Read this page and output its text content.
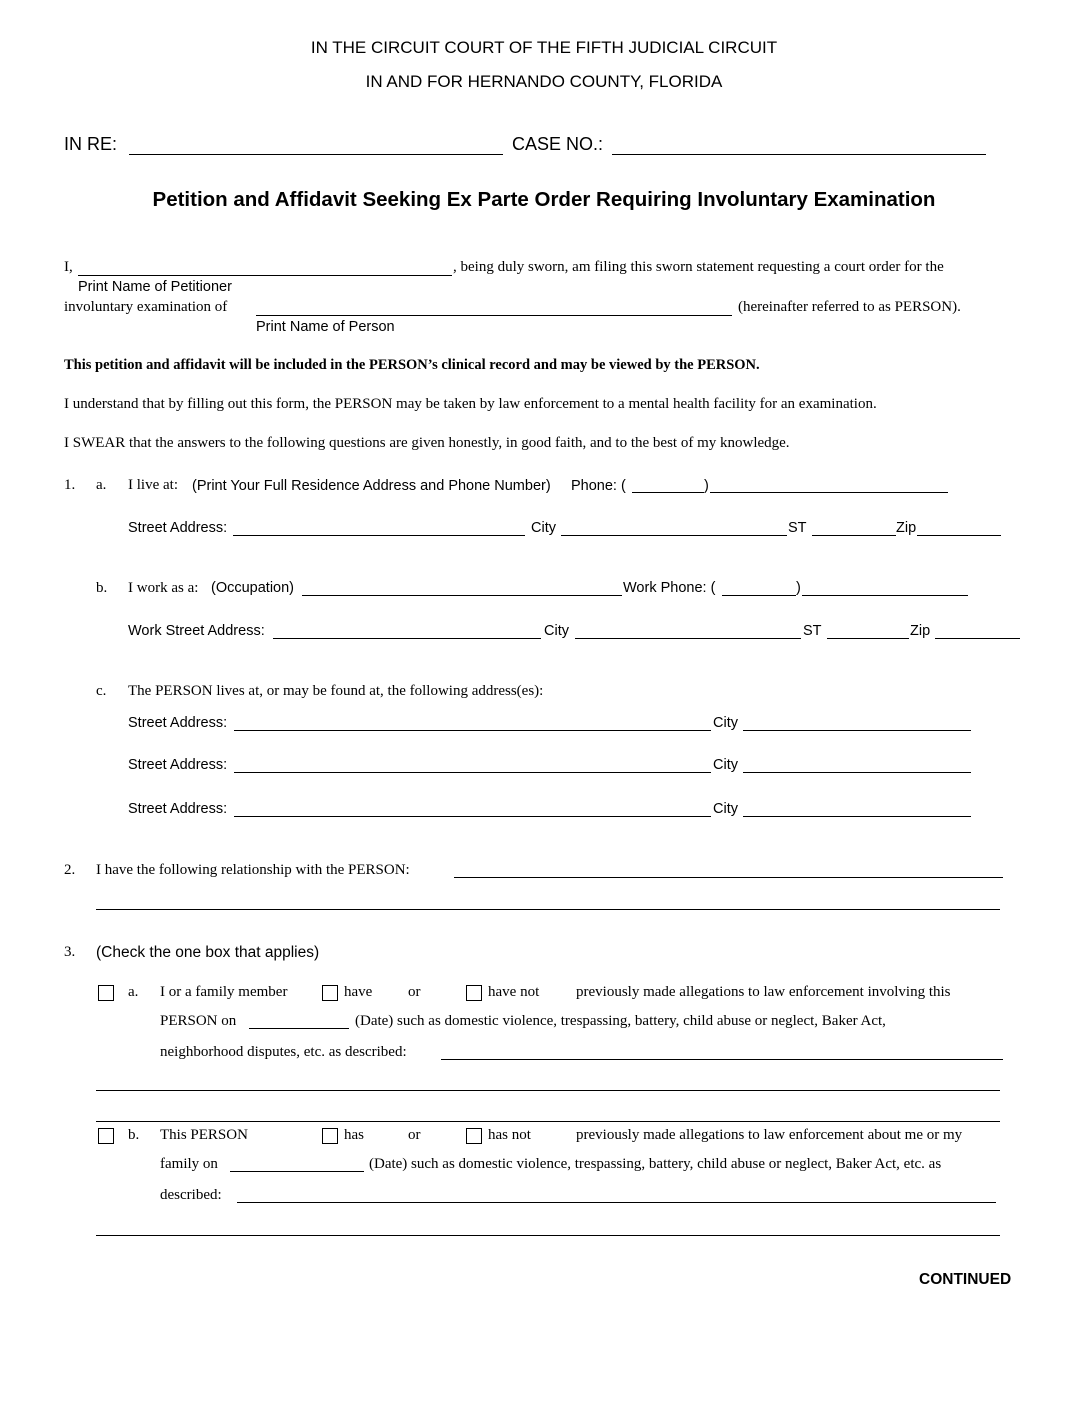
IN THE CIRCUIT COURT OF THE FIFTH JUDICIAL CIRCUIT
IN AND FOR HERNANDO COUNTY, FLORIDA
IN RE:	CASE NO.:
Petition and Affidavit Seeking Ex Parte Order Requiring Involuntary Examination
I,	, being duly sworn, am filing this sworn statement requesting a court order for the
Print Name of Petitioner
involuntary examination of	(hereinafter referred to as PERSON).
Print Name of Person
This petition and affidavit will be included in the PERSON’s clinical record and may be viewed by the PERSON.
I understand that by filling out this form, the PERSON may be taken by law enforcement to a mental health facility for an examination.
I SWEAR that the answers to the following questions are given honestly, in good faith, and to the best of my knowledge.
1. a. I live at: (Print Your Full Residence Address and Phone Number) Phone: (	)
Street Address:	City	ST	Zip
b. I work as a: (Occupation)	Work Phone: (	)
Work Street Address:	City	ST	Zip
c. The PERSON lives at, or may be found at, the following address(es):
Street Address:	City
Street Address:	City
Street Address:	City
2. I have the following relationship with the PERSON:
3. (Check the one box that applies)
a. I or a family member	have or	have not previously made allegations to law enforcement involving this
PERSON on	(Date) such as domestic violence, trespassing, battery, child abuse or neglect, Baker Act,
neighborhood disputes, etc. as described:
b. This PERSON	has	or	has not	previously made allegations to law enforcement about me or my
family on	(Date) such as domestic violence, trespassing, battery, child abuse or neglect, Baker Act, etc. as
described:
CONTINUED
